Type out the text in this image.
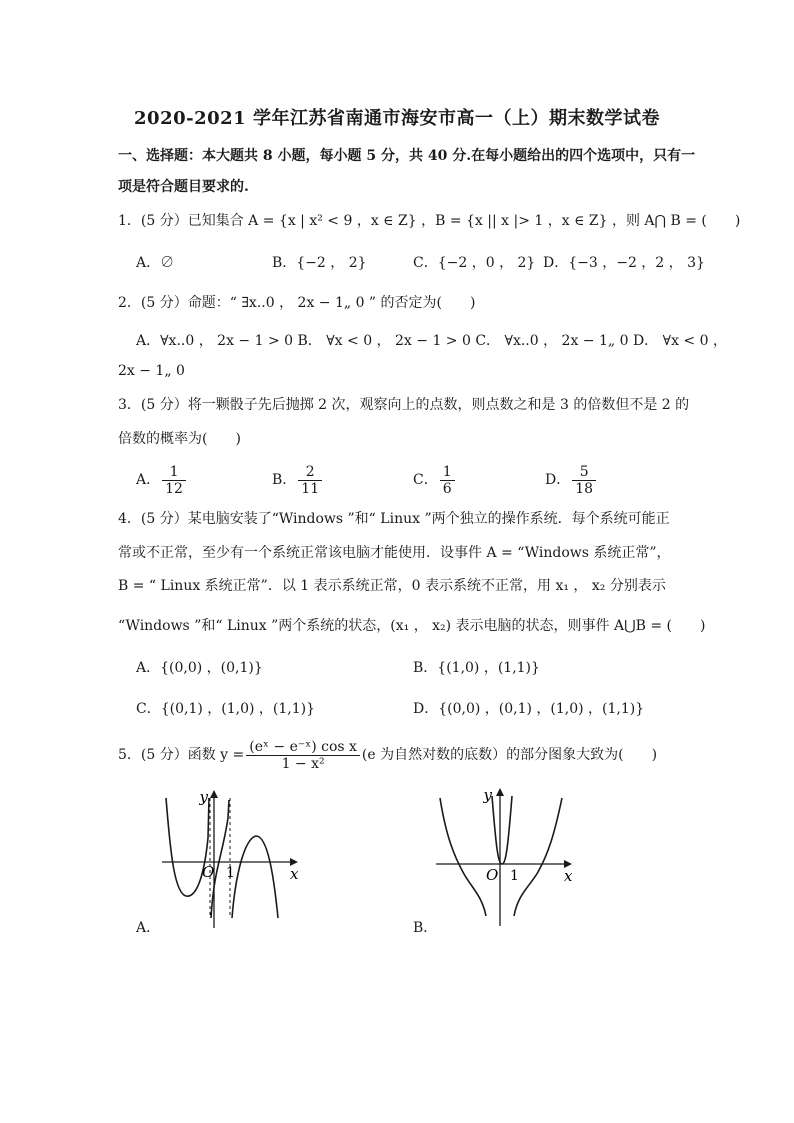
2020-2021 学年江苏省南通市海安市高一（上）期末数学试卷
一、选择题：本大题共 8 小题，每小题 5 分，共 40 分.在每小题给出的四个选项中，只有一
项是符合题目要求的.
1．(5 分）已知集合 A = {x | x² < 9 ，x ∈ Z} ，B = {x || x |> 1 ，x ∈ Z} ，则 A⋂ B = (　　)
A．∅	B．{−2 ， 2}	C．{−2 ，0 ， 2} D．{−3 ，−2 ，2 ， 3}
2．(5 分）命题：“ ∃x..0 ， 2x − 1„ 0 ” 的否定为(　　)
A．∀x..0 ， 2x − 1 > 0 B． ∀x < 0 ， 2x − 1 > 0 C． ∀x..0 ， 2x − 1„ 0 D． ∀x < 0 ，
2x − 1„ 0
3．(5 分）将一颗骰子先后抛掷 2 次，观察向上的点数，则点数之和是 3 的倍数但不是 2 的
倍数的概率为(　　)
A． $\frac{1}{12}$	B． $\frac{2}{11}$	C． $\frac{1}{6}$	D． $\frac{5}{18}$
4．(5 分）某电脑安装了“Windows ”和“ Linux ”两个独立的操作系统．每个系统可能正
常或不正常，至少有一个系统正常该电脑才能使用．设事件 A = “Windows 系统正常”，
B = “ Linux 系统正常”．以 1 表示系统正常，0 表示系统不正常，用 x₁ ， x₂ 分别表示
“Windows ”和“ Linux ”两个系统的状态，(x₁ ， x₂) 表示电脑的状态，则事件 A⋃B = (　　)
A．{(0,0) ，(0,1)}	B．{(1,0) ，(1,1)}
C．{(0,1) ，(1,0) ，(1,1)}	D．{(0,0) ，(0,1) ，(1,0) ，(1,1)}
5．(5 分）函数 $y = \frac{\text{(eˣ − e⁻ˣ) cos x}}{\text{1 − x²}} (e$ 为自然对数的底数）的部分图象大致为(　　)
y
x
O 1
A．
y
x
O 1
B．
